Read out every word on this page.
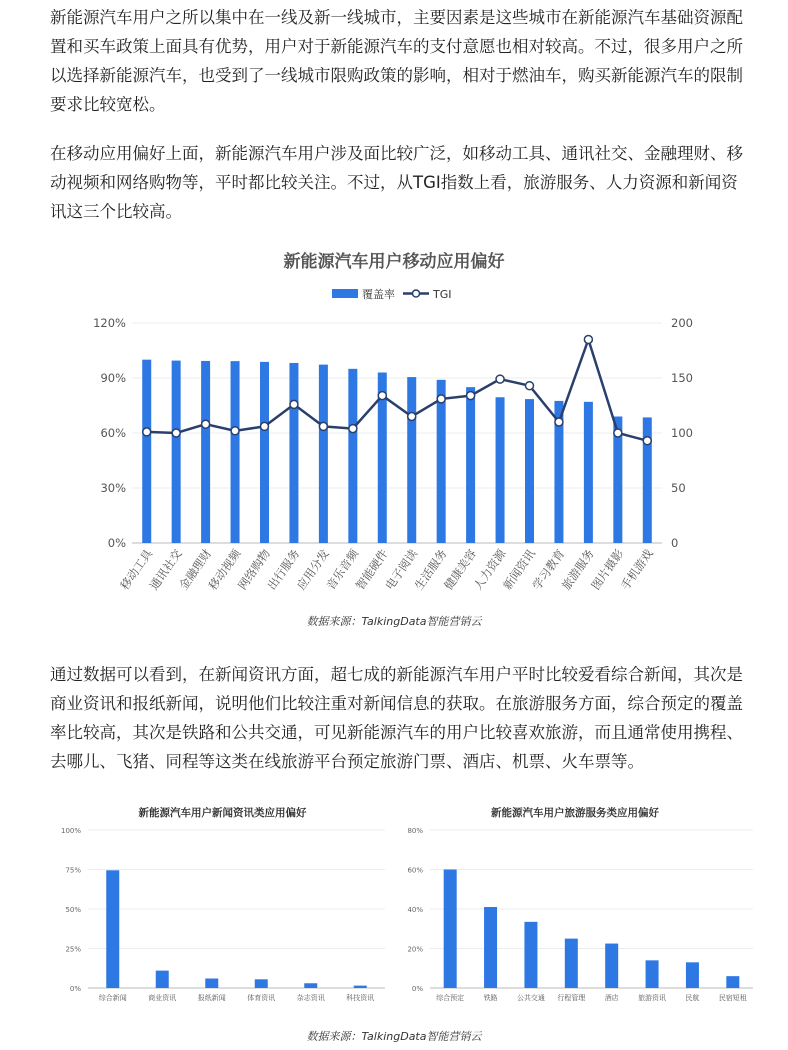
新能源汽车用户之所以集中在一线及新一线城市，主要因素是这些城市在新能源汽车基础资源配置和买车政策上面具有优势，用户对于新能源汽车的支付意愿也相对较高。不过，很多用户之所以选择新能源汽车，也受到了一线城市限购政策的影响，相对于燃油车，购买新能源汽车的限制要求比较宽松。

在移动应用偏好上面，新能源汽车用户涉及面比较广泛，如移动工具、通讯社交、金融理财、移动视频和网络购物等，平时都比较关注。不过，从TGI指数上看，旅游服务、人力资源和新闻资讯这三个比较高。

新能源汽车用户移动应用偏好
覆盖率	TGI
0%
30%
60%
90%
120%
0
50
100
150
200
移动工具
通讯社交
金融理财
移动视频
网络购物
出行服务
应用分发
音乐音频
智能硬件
电子阅读
生活服务
健康美容
人力资源
新闻资讯
学习教育
旅游服务
图片摄影
手机游戏
数据来源：TalkingData智能营销云

通过数据可以看到，在新闻资讯方面，超七成的新能源汽车用户平时比较爱看综合新闻，其次是商业资讯和报纸新闻，说明他们比较注重对新闻信息的获取。在旅游服务方面，综合预定的覆盖率比较高，其次是铁路和公共交通，可见新能源汽车的用户比较喜欢旅游，而且通常使用携程、去哪儿、飞猪、同程等这类在线旅游平台预定旅游门票、酒店、机票、火车票等。

新能源汽车用户新闻资讯类应用偏好
0%
25%
50%
75%
100%
综合新闻	商业资讯	报纸新闻	体育资讯	杂志资讯	科技资讯
新能源汽车用户旅游服务类应用偏好
0%
20%
40%
60%
80%
综合预定	铁路	公共交通 行程管理	酒店	旅游资讯	民航	民宿短租
数据来源：TalkingData智能营销云
